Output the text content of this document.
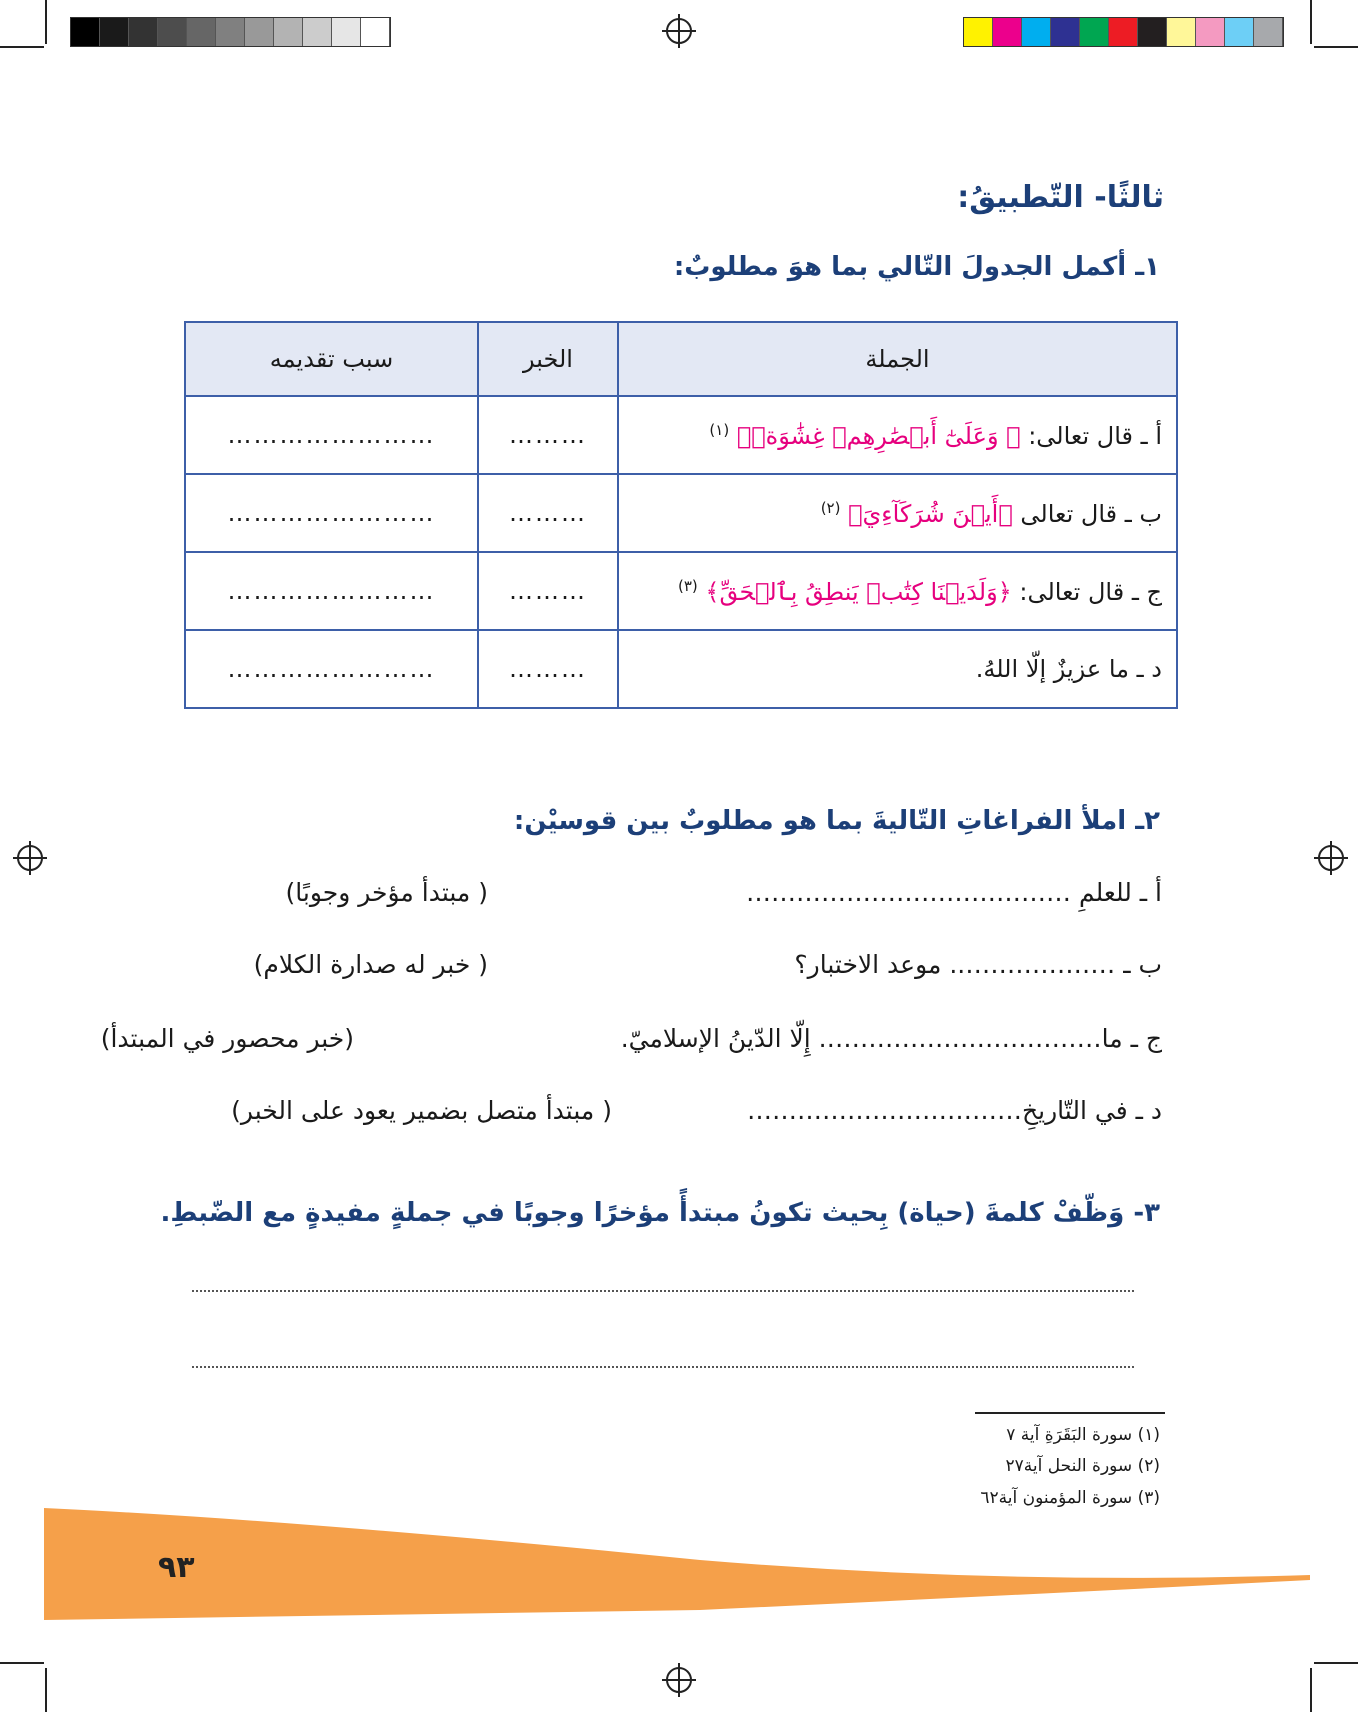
ثالثًا- التّطبيقُ:
١ـ أكمل الجدولَ التّالي بما هوَ مطلوبٌ:
الجملة	الخبر	سبب تقديمه
أ ـ قال تعالى: ﴿ وَعَلَىٰٓ أَبۡصَٰرِهِمۡ غِشَٰوَةٞ﴾ $^{(١)}$	………	……………………
ب ـ قال تعالى ﴿أَيۡنَ شُرَكَآءِيَ﴾ $^{(٢)}$	………	……………………
ج ـ قال تعالى: ﴿وَلَدَيۡنَا كِتَٰبٞ يَنطِقُ بِٱلۡحَقِّ﴾ $^{(٣)}$	………	……………………
د ـ ما عزيزٌ إلّا اللهُ.	………	……………………
٢ـ املأ الفراغاتِ التّاليةَ بما هو مطلوبٌ بين قوسيْن:
أ ـ للعلمِ …………………………………
( مبتدأ مؤخر وجوبًا)
ب ـ ……………….. موعد الاختبار؟
( خبر له صدارة الكلام)
ج ـ ما……………………………. إِلّا الدّينُ الإسلاميّ.
(خبر محصور في المبتدأ)
د ـ في التّاريخِ……………………………
( مبتدأ متصل بضمير يعود على الخبر)
٣- وَظّفْ كلمةَ (حياة) بِحيث تكونُ مبتدأً مؤخرًا وجوبًا في جملةٍ مفيدةٍ مع الضّبطِ.
(١) سورة البَقَرَةِ آية ٧
(٢) سورة النحل آية٢٧
(٣) سورة المؤمنون آية٦٢
٩٣
